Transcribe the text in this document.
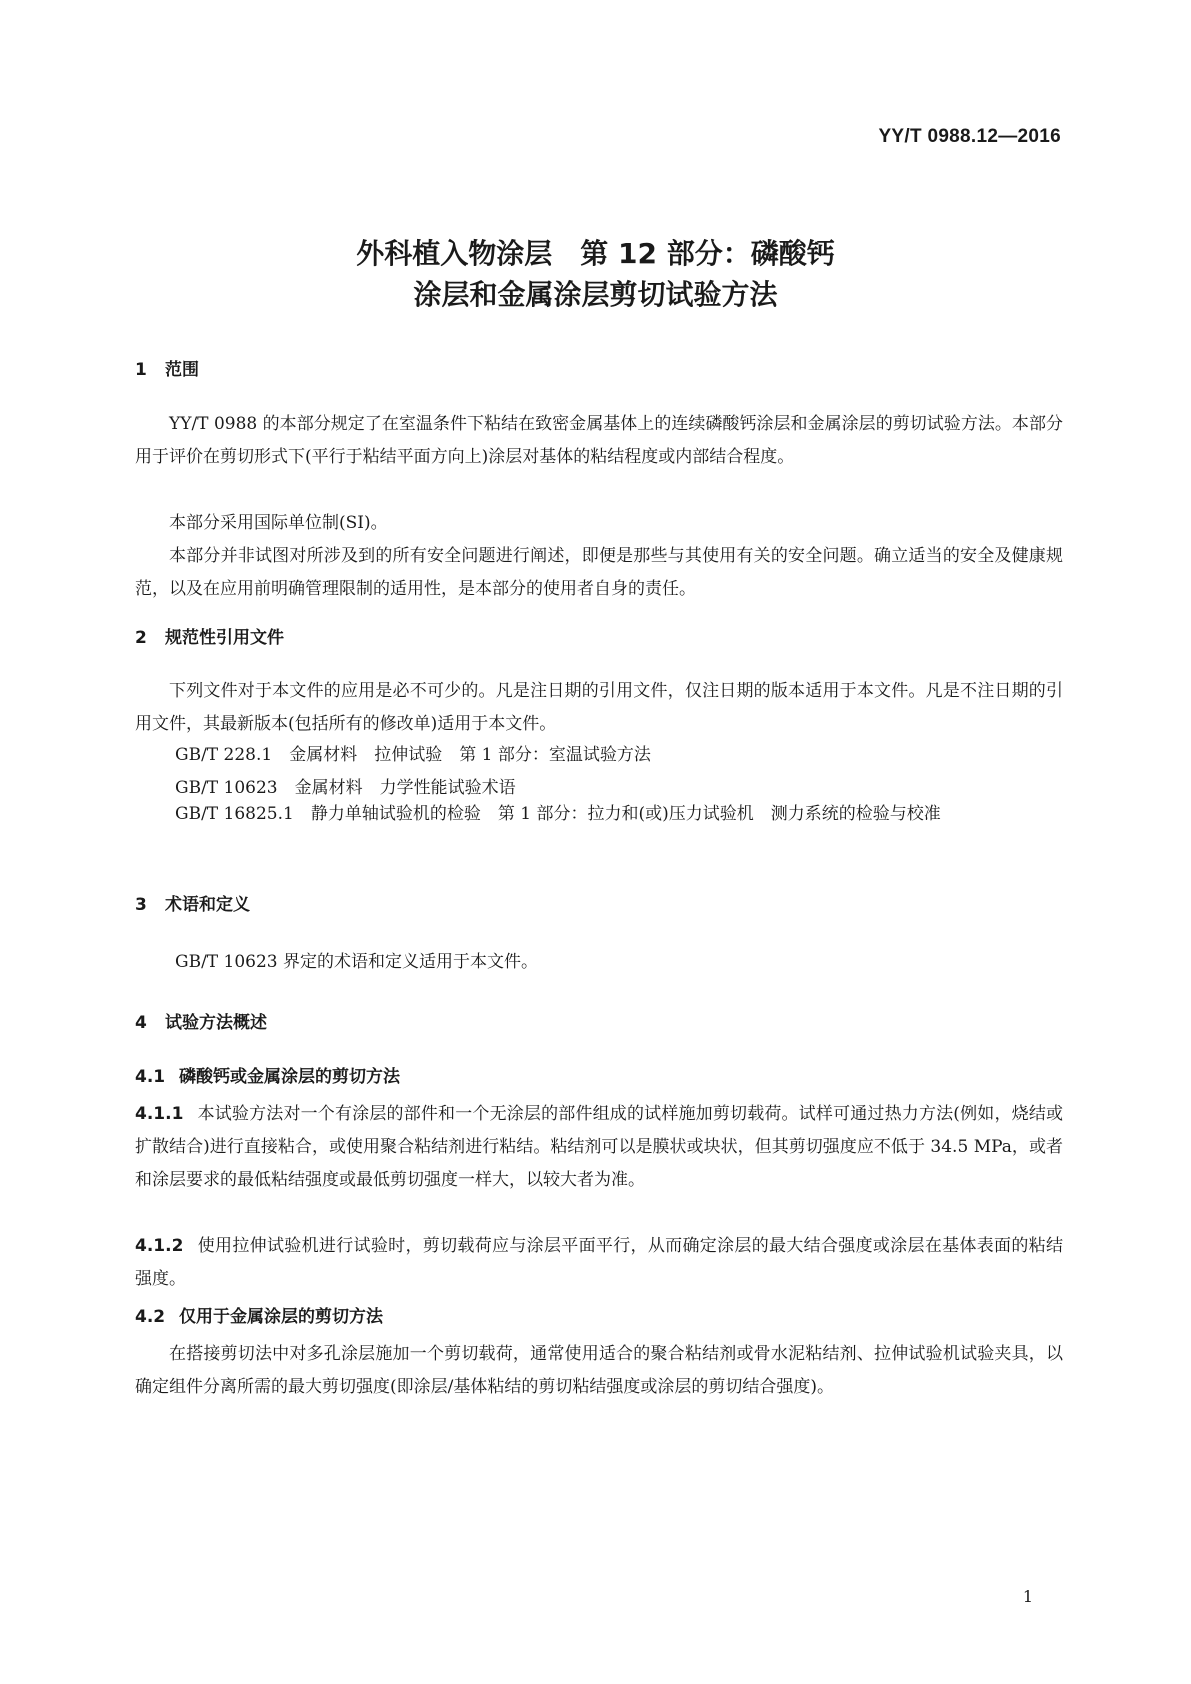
YY/T 0988.12—2016
外科植入物涂层　第 12 部分：磷酸钙
涂层和金属涂层剪切试验方法
1 范围
YY/T 0988 的本部分规定了在室温条件下粘结在致密金属基体上的连续磷酸钙涂层和金属涂层的剪切试验方法。本部分用于评价在剪切形式下(平行于粘结平面方向上)涂层对基体的粘结程度或内部结合程度。
本部分采用国际单位制(SI)。
本部分并非试图对所涉及到的所有安全问题进行阐述，即便是那些与其使用有关的安全问题。确立适当的安全及健康规范，以及在应用前明确管理限制的适用性，是本部分的使用者自身的责任。
2 规范性引用文件
下列文件对于本文件的应用是必不可少的。凡是注日期的引用文件，仅注日期的版本适用于本文件。凡是不注日期的引用文件，其最新版本(包括所有的修改单)适用于本文件。
GB/T 228.1　金属材料　拉伸试验　第 1 部分：室温试验方法
GB/T 10623　金属材料　力学性能试验术语
GB/T 16825.1　静力单轴试验机的检验　第 1 部分：拉力和(或)压力试验机　测力系统的检验与校准
3 术语和定义
GB/T 10623 界定的术语和定义适用于本文件。
4 试验方法概述
4.1 磷酸钙或金属涂层的剪切方法
4.1.1 本试验方法对一个有涂层的部件和一个无涂层的部件组成的试样施加剪切载荷。试样可通过热力方法(例如，烧结或扩散结合)进行直接粘合，或使用聚合粘结剂进行粘结。粘结剂可以是膜状或块状，但其剪切强度应不低于 34.5 MPa，或者和涂层要求的最低粘结强度或最低剪切强度一样大，以较大者为准。
4.1.2 使用拉伸试验机进行试验时，剪切载荷应与涂层平面平行，从而确定涂层的最大结合强度或涂层在基体表面的粘结强度。
4.2 仅用于金属涂层的剪切方法
在搭接剪切法中对多孔涂层施加一个剪切载荷，通常使用适合的聚合粘结剂或骨水泥粘结剂、拉伸试验机试验夹具，以确定组件分离所需的最大剪切强度(即涂层/基体粘结的剪切粘结强度或涂层的剪切结合强度)。
1
